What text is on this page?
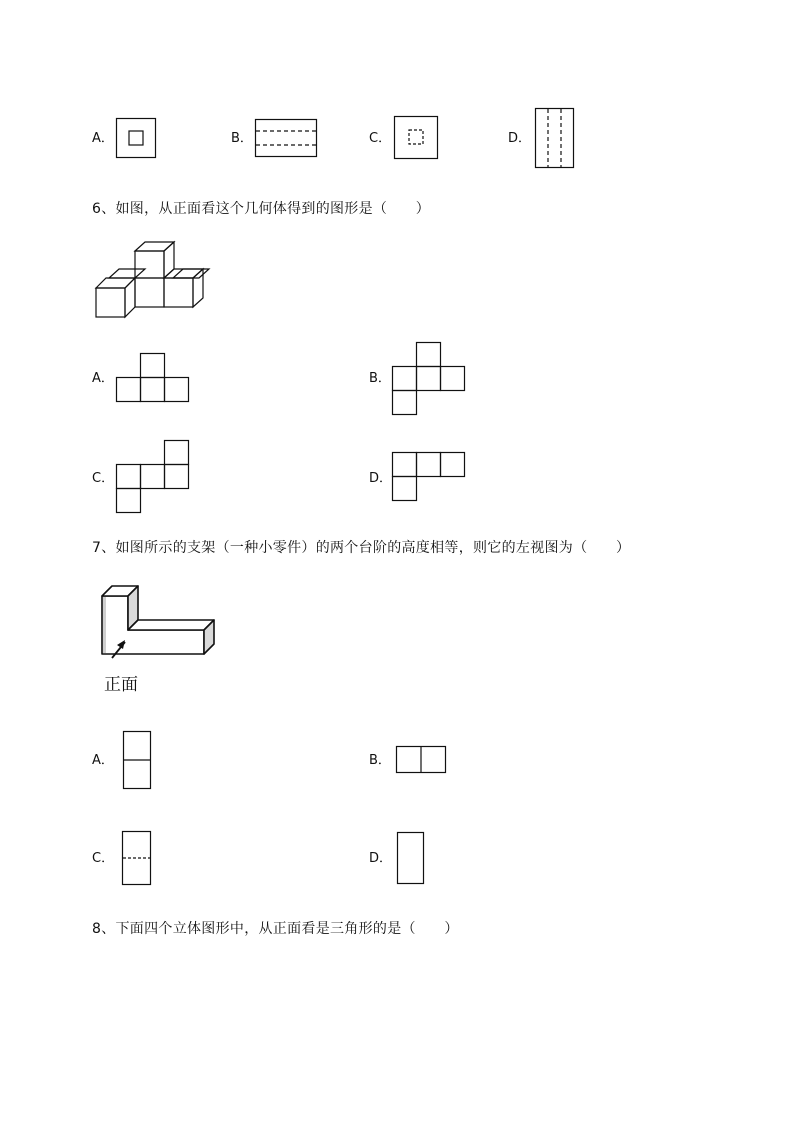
A．	B．	C．	D．
6、如图，从正面看这个几何体得到的图形是（　　）
A．	B．
C．	D．
7、如图所示的支架（一种小零件）的两个台阶的高度相等，则它的左视图为（　　）
正面
A．	B．
C．	D．
8、下面四个立体图形中，从正面看是三角形的是（　　）
